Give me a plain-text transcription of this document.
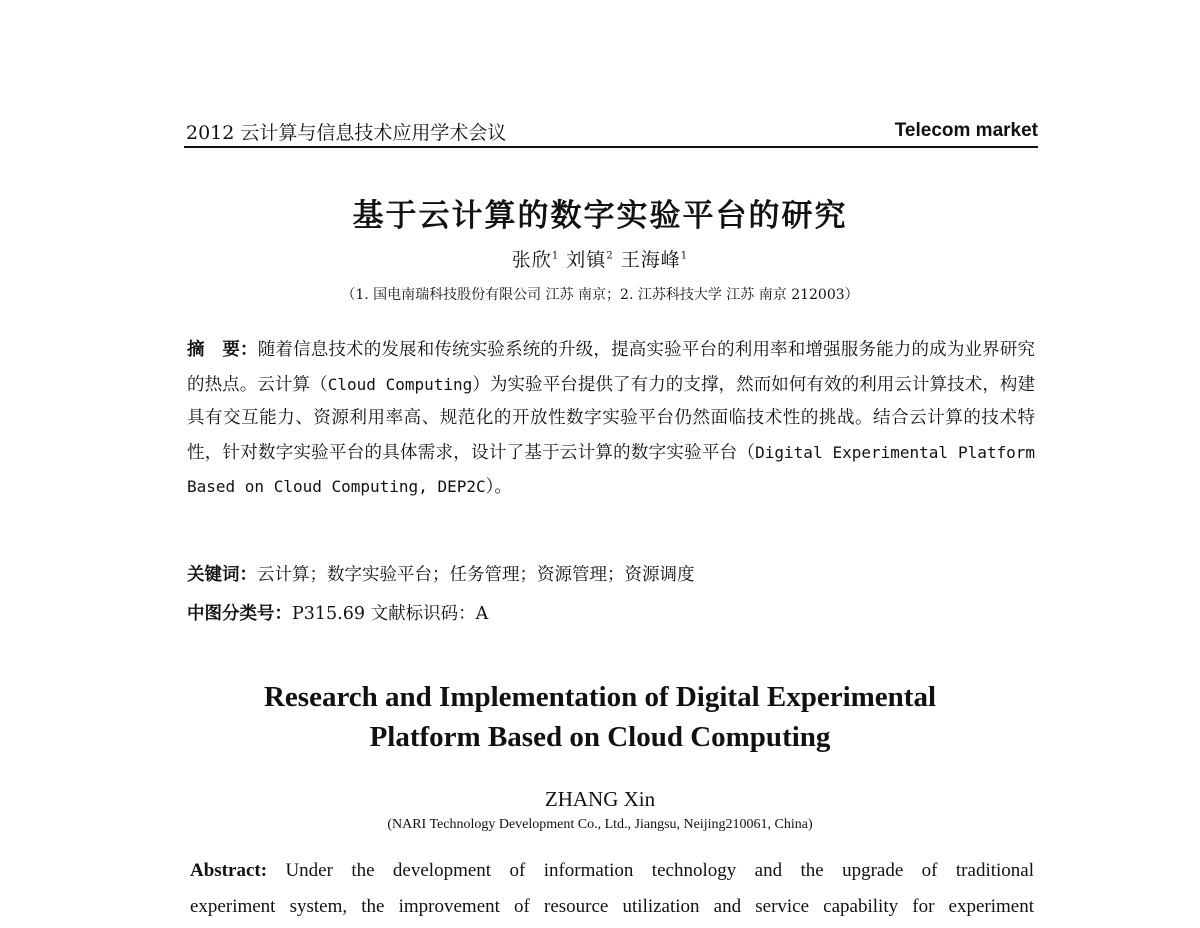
2012 云计算与信息技术应用学术会议	Telecom market
基于云计算的数字实验平台的研究
张欣$^1$ 刘镇$^2$ 王海峰$^1$
（1. 国电南瑞科技股份有限公司 江苏 南京；2. 江苏科技大学 江苏 南京 212003）
摘　要：随着信息技术的发展和传统实验系统的升级，提高实验平台的利用率和增强服务能力的成为业界研究的热点。云计算（Cloud Computing）为实验平台提供了有力的支撑，然而如何有效的利用云计算技术，构建具有交互能力、资源利用率高、规范化的开放性数字实验平台仍然面临技术性的挑战。结合云计算的技术特性，针对数字实验平台的具体需求，设计了基于云计算的数字实验平台（Digital Experimental Platform Based on Cloud Computing, DEP2C）。
关键词：云计算；数字实验平台；任务管理；资源管理；资源调度
中图分类号：P315.69 文献标识码：A
Research and Implementation of Digital Experimental
Platform Based on Cloud Computing
ZHANG Xin
(NARI Technology Development Co., Ltd., Jiangsu, Neijing210061, China)
Abstract: Under the development of information technology and the upgrade of traditional
experiment system, the improvement of resource utilization and service capability for experiment
